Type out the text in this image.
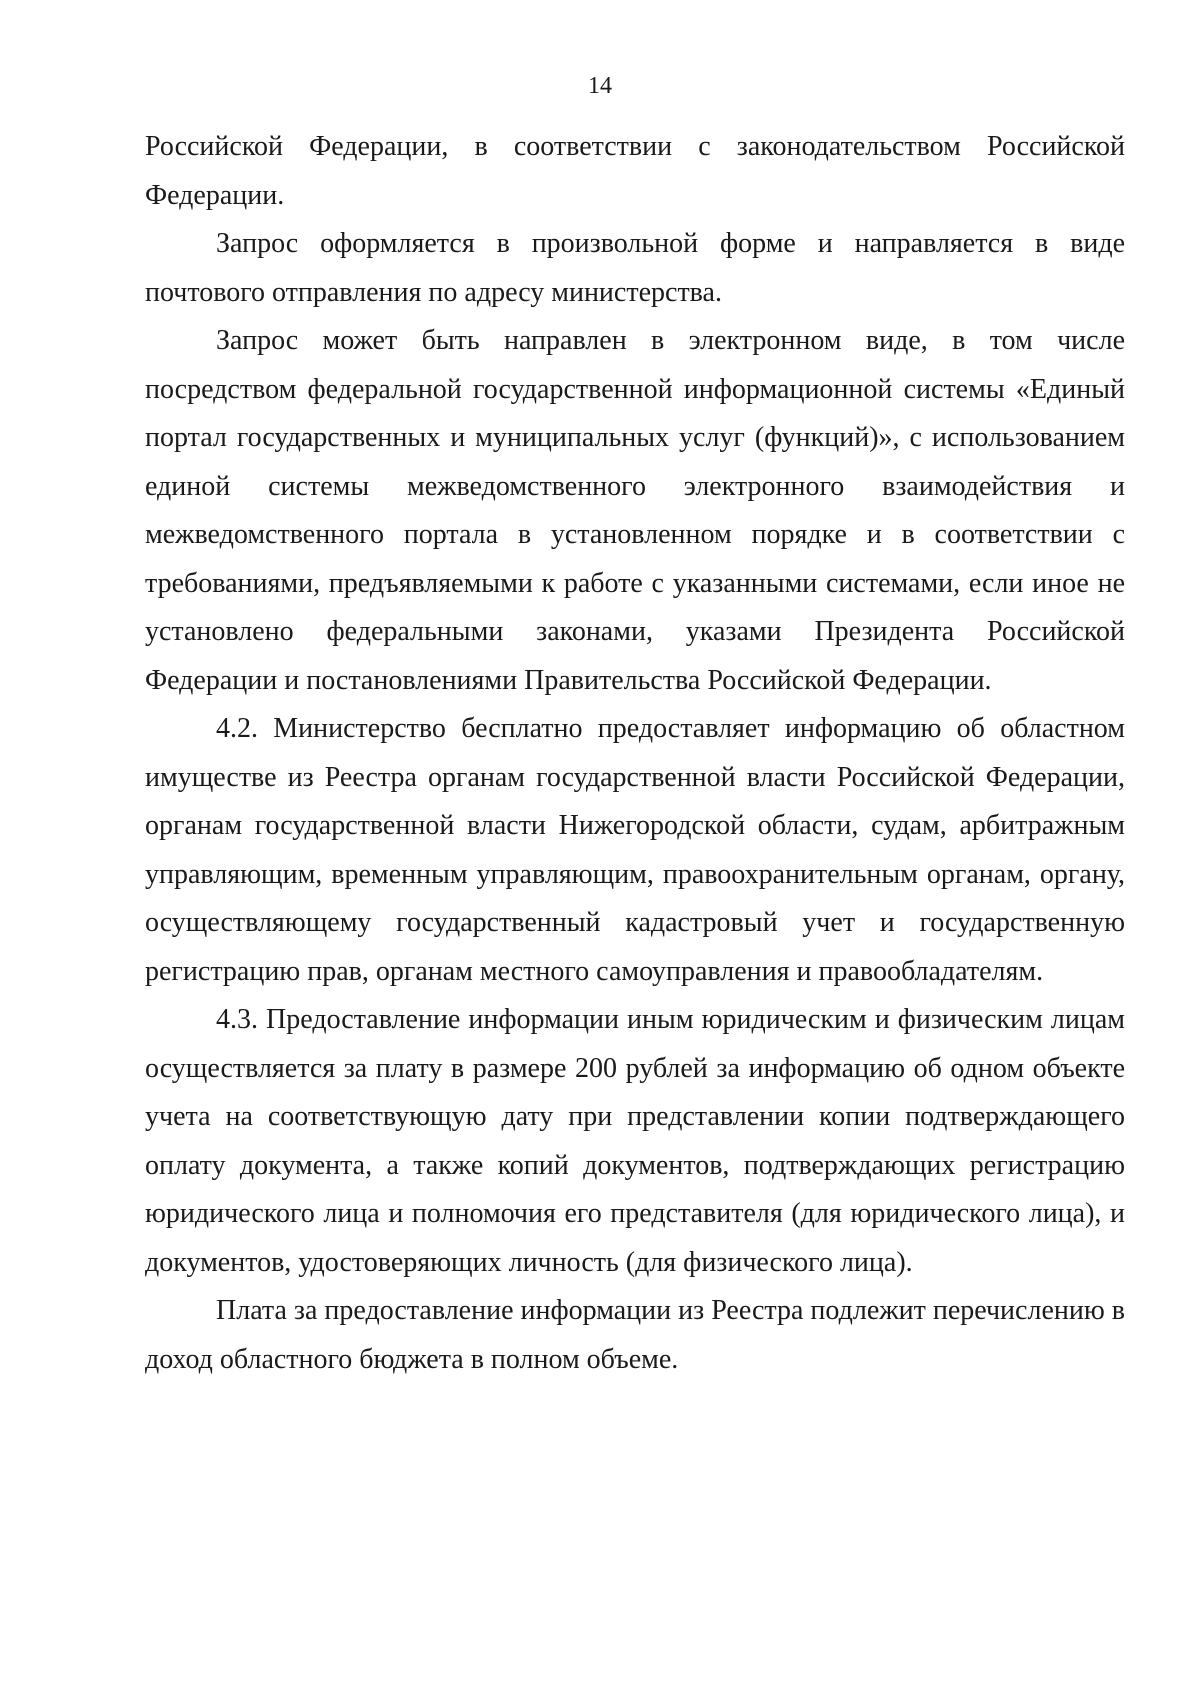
14

Российской Федерации, в соответствии с законодательством Российской Федерации.

Запрос оформляется в произвольной форме и направляется в виде почтового отправления по адресу министерства.

Запрос может быть направлен в электронном виде, в том числе посредством федеральной государственной информационной системы «Единый портал государственных и муниципальных услуг (функций)», с использованием единой системы межведомственного электронного взаимодействия и межведомственного портала в установленном порядке и в соответствии с требованиями, предъявляемыми к работе с указанными системами, если иное не установлено федеральными законами, указами Президента Российской Федерации и постановлениями Правительства Российской Федерации.

4.2. Министерство бесплатно предоставляет информацию об областном имуществе из Реестра органам государственной власти Российской Федерации, органам государственной власти Нижегородской области, судам, арбитражным управляющим, временным управляющим, правоохранительным органам, органу, осуществляющему государственный кадастровый учет и государственную регистрацию прав, органам местного самоуправления и правообладателям.

4.3. Предоставление информации иным юридическим и физическим лицам осуществляется за плату в размере 200 рублей за информацию об одном объекте учета на соответствующую дату при представлении копии подтверждающего оплату документа, а также копий документов, подтверждающих регистрацию юридического лица и полномочия его представителя (для юридического лица), и документов, удостоверяющих личность (для физического лица).

Плата за предоставление информации из Реестра подлежит перечислению в доход областного бюджета в полном объеме.
